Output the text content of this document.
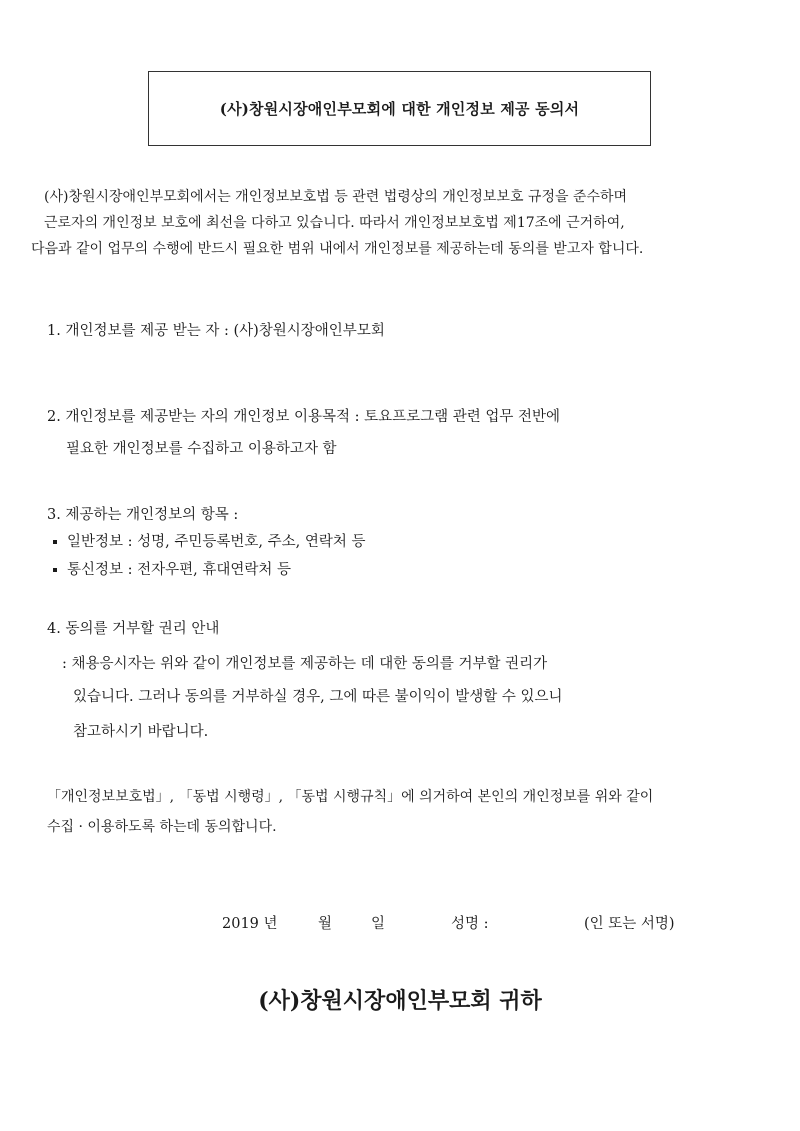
(사)창원시장애인부모회에 대한 개인정보 제공 동의서
(사)창원시장애인부모회에서는 개인정보보호법 등 관련 법령상의 개인정보보호 규정을 준수하며
근로자의 개인정보 보호에 최선을 다하고 있습니다. 따라서 개인정보보호법 제17조에 근거하여,
다음과 같이 업무의 수행에 반드시 필요한 범위 내에서 개인정보를 제공하는데 동의를 받고자 합니다.
1. 개인정보를 제공 받는 자 : (사)창원시장애인부모회
2. 개인정보를 제공받는 자의 개인정보 이용목적 : 토요프로그램 관련 업무 전반에
필요한 개인정보를 수집하고 이용하고자 함
3. 제공하는 개인정보의 항목 :
일반정보 : 성명, 주민등록번호, 주소, 연락처 등
통신정보 : 전자우편, 휴대연락처 등
4. 동의를 거부할 권리 안내
: 채용응시자는 위와 같이 개인정보를 제공하는 데 대한 동의를 거부할 권리가
있습니다. 그러나 동의를 거부하실 경우, 그에 따른 불이익이 발생할 수 있으니
참고하시기 바랍니다.
「개인정보보호법」, 「동법 시행령」, 「동법 시행규칙」에 의거하여 본인의 개인정보를 위와 같이
수집 · 이용하도록 하는데 동의합니다.
2019 년	월	일	성명 :	(인 또는 서명)
(사)창원시장애인부모회 귀하
